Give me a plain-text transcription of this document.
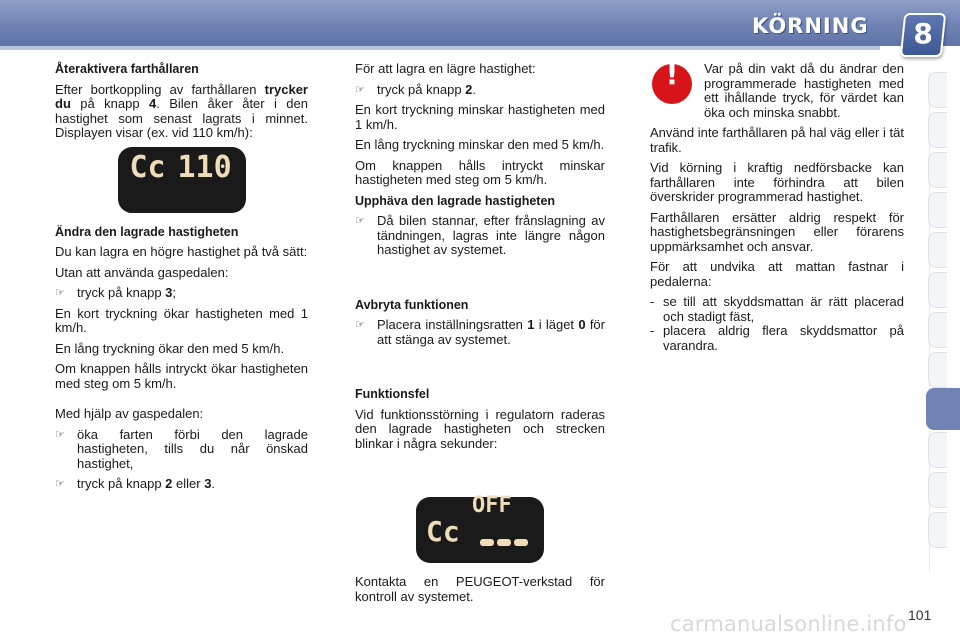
KÖRNING	8
Återaktivera farthållaren

Efter bortkoppling av farthållaren trycker du på knapp 4. Bilen åker åter i den hastighet som senast lagrats i minnet. Displayen visar (ex. vid 110 km/h):

Cc 110
Ändra den lagrade hastigheten

Du kan lagra en högre hastighet på två sätt:

Utan att använda gaspedalen:

☞ tryck på knapp 3;

En kort tryckning ökar hastigheten med 1 km/h.

En lång tryckning ökar den med 5 km/h.

Om knappen hålls intryckt ökar hastigheten med steg om 5 km/h.

Med hjälp av gaspedalen:

☞ öka farten förbi den lagrade hastigheten, tills du når önskad hastighet,
☞ tryck på knapp 2 eller 3.

För att lagra en lägre hastighet:

☞ tryck på knapp 2.

En kort tryckning minskar hastigheten med 1 km/h.

En lång tryckning minskar den med 5 km/h.

Om knappen hålls intryckt minskar hastigheten med steg om 5 km/h.

Upphäva den lagrade hastigheten
☞ Då bilen stannar, efter frånslagning av tändningen, lagras inte längre någon hastighet av systemet.
Avbryta funktionen
☞ Placera inställningsratten 1 i läget 0 för att stänga av systemet.
Funktionsfel

Vid funktionsstörning i regulatorn raderas den lagrade hastigheten och strecken blinkar i några sekunder:

OFF
Cc

Kontakta en PEUGEOT-verkstad för kontroll av systemet.

!	Var på din vakt då du ändrar den programmerade hastigheten med ett ihållande tryck, för värdet kan öka och minska snabbt.

Använd inte farthållaren på hal väg eller i tät trafik.

Vid körning i kraftig nedförsbacke kan farthållaren inte förhindra att bilen överskrider programmerad hastighet.

Farthållaren ersätter aldrig respekt för hastighetsbegränsningen eller förarens uppmärksamhet och ansvar.

För att undvika att mattan fastnar i pedalerna:

- se till att skyddsmattan är rätt placerad och stadigt fäst,
- placera aldrig flera skyddsmattor på varandra.
carmanualsonline.info 101
